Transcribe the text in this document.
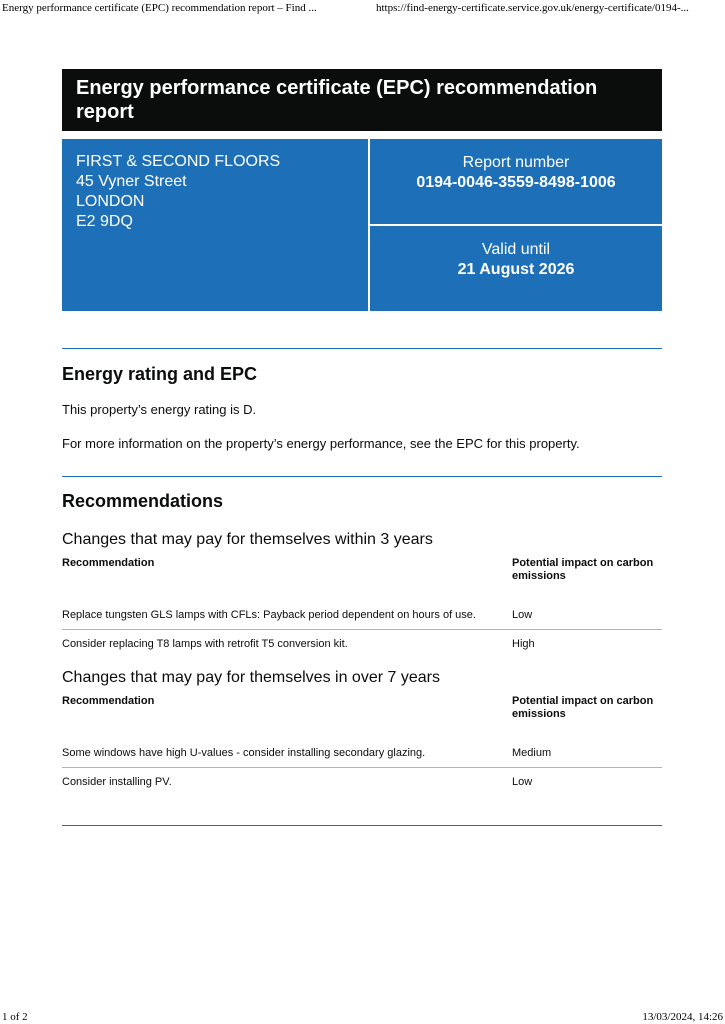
Energy performance certificate (EPC) recommendation report – Find ...	https://find-energy-certificate.service.gov.uk/energy-certificate/0194-...
Energy performance certificate (EPC) recommendation report
FIRST & SECOND FLOORS
45 Vyner Street
LONDON
E2 9DQ
Report number
0194-0046-3559-8498-1006
Valid until
21 August 2026
Energy rating and EPC

This property’s energy rating is D.

For more information on the property’s energy performance, see the EPC for this property.

Recommendations
Changes that may pay for themselves within 3 years
Recommendation	Potential impact on carbon emissions
Replace tungsten GLS lamps with CFLs: Payback period dependent on hours of use.	Low
Consider replacing T8 lamps with retrofit T5 conversion kit.	High
Changes that may pay for themselves in over 7 years
Recommendation	Potential impact on carbon emissions
Some windows have high U-values - consider installing secondary glazing.	Medium
Consider installing PV.	Low
1 of 2	13/03/2024, 14:26
